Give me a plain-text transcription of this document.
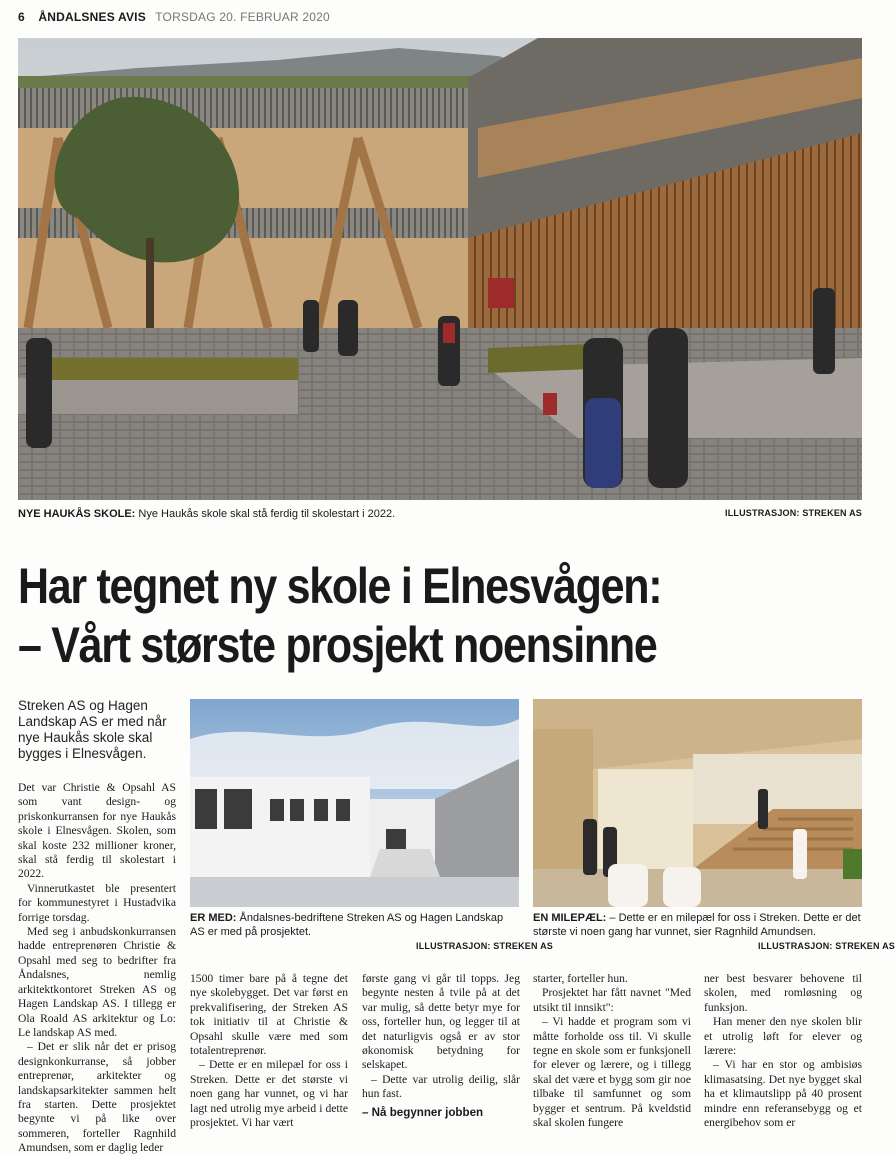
6 ÅNDALSNES AVIS TORSDAG 20. FEBRUAR 2020
NYE HAUKÅS SKOLE: Nye Haukås skole skal stå ferdig til skolestart i 2022.	ILLUSTRASJON: STREKEN AS
Har tegnet ny skole i Elnesvågen:
– Vårt største prosjekt noensinne
Streken AS og Hagen Landskap AS er med når nye Haukås skole skal bygges i Elnesvågen.

Det var Christie & Opsahl AS som vant design- og priskonkurransen for nye Haukås skole i Elnesvågen. Skolen, som skal koste 232 millioner kroner, skal stå ferdig til skolestart i 2022.

Vinnerutkastet ble presentert for kommunestyret i Hustadvika forrige torsdag.

Med seg i anbudskonkurransen hadde entreprenøren Christie & Opsahl med seg to bedrifter fra Åndalsnes, nemlig arkitektkontoret Streken AS og Hagen Landskap AS. I tillegg er Ola Roald AS arkitektur og Lo: Le landskap AS med.

– Det er slik når det er prisog designkonkurranse, så jobber entreprenør, arkitekter og landskapsarkitekter sammen helt fra starten. Dette prosjektet begynte vi på like over sommeren, forteller Ragnhild Amundsen, som er daglig leder

ER MED: Åndalsnes-bedriftene Streken AS og Hagen Landskap AS er med på prosjektet.
ILLUSTRASJON: STREKEN AS
EN MILEPÆL: – Dette er en milepæl for oss i Streken. Dette er det største vi noen gang har vunnet, sier Ragnhild Amundsen.
ILLUSTRASJON: STREKEN AS

1500 timer bare på å tegne det nye skolebygget. Det var først en prekvalifisering, der Streken AS tok initiativ til at Christie & Opsahl skulle være med som totalentreprenør.

– Dette er en milepæl for oss i Streken. Dette er det største vi noen gang har vunnet, og vi har lagt ned utrolig mye arbeid i dette prosjektet. Vi har vært

første gang vi går til topps. Jeg begynte nesten å tvile på at det var mulig, så dette betyr mye for oss, forteller hun, og legger til at det naturligvis også er av stor økonomisk betydning for selskapet.

– Dette var utrolig deilig, slår hun fast.

– Nå begynner jobben

starter, forteller hun.

Prosjektet har fått navnet "Med utsikt til innsikt":

– Vi hadde et program som vi måtte forholde oss til. Vi skulle tegne en skole som er funksjonell for elever og lærere, og i tillegg skal det være et bygg som gir noe tilbake til samfunnet og som bygger et sentrum. På kveldstid skal skolen fungere

ner best besvarer behovene til skolen, med romløsning og funksjon.

Han mener den nye skolen blir et utrolig løft for elever og lærere:

– Vi har en stor og ambisiøs klimasatsing. Det nye bygget skal ha et klimautslipp på 40 prosent mindre enn referansebygg og et energibehov som er
